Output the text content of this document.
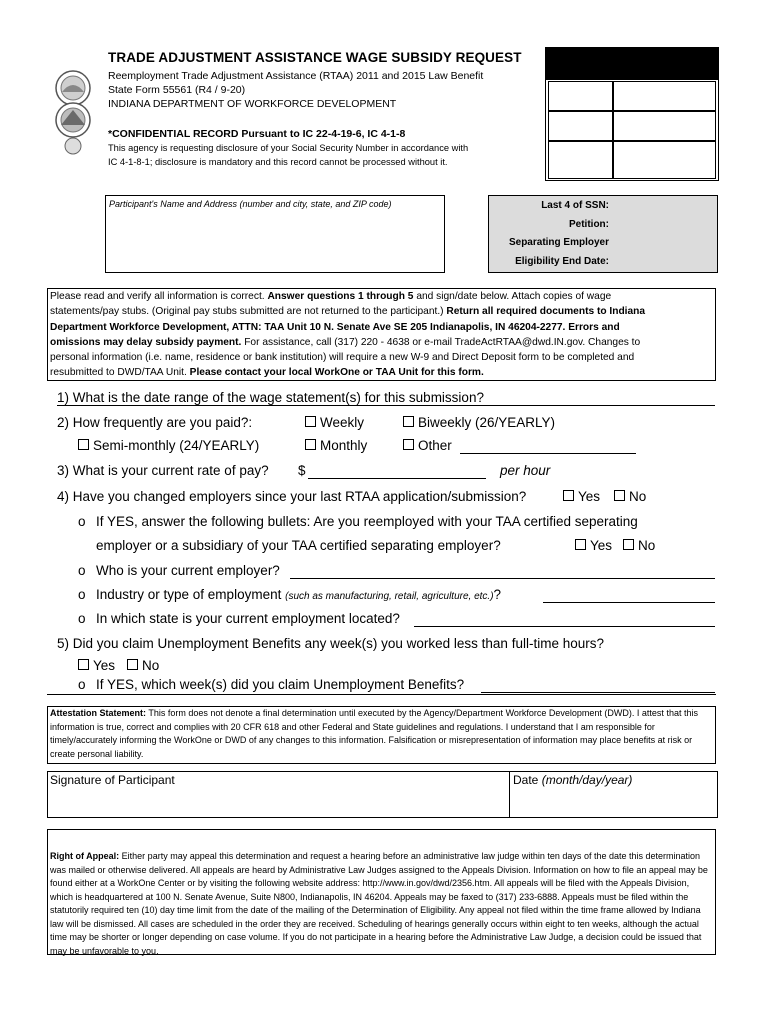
TRADE ADJUSTMENT ASSISTANCE WAGE SUBSIDY REQUEST
Reemployment Trade Adjustment Assistance (RTAA) 2011 and 2015 Law Benefit
State Form 55561 (R4 / 9-20)
INDIANA DEPARTMENT OF WORKFORCE DEVELOPMENT
*CONFIDENTIAL RECORD Pursuant to IC 22-4-19-6, IC 4-1-8
This agency is requesting disclosure of your Social Security Number in accordance with
IC 4-1-8-1; disclosure is mandatory and this record cannot be processed without it.
Participant's Name and Address (number and city, state, and ZIP code)	Last 4 of SSN:
Petition:
Separating Employer
Eligibility End Date:
Please read and verify all information is correct. Answer questions 1 through 5 and sign/date below. Attach copies of wage
statements/pay stubs. (Original pay stubs submitted are not returned to the participant.) Return all required documents to Indiana
Department Workforce Development, ATTN: TAA Unit 10 N. Senate Ave SE 205 Indianapolis, IN 46204-2277. Errors and
omissions may delay subsidy payment. For assistance, call (317) 220 - 4638 or e-mail TradeActRTAA@dwd.IN.gov. Changes to
personal information (i.e. name, residence or bank institution) will require a new W-9 and Direct Deposit form to be completed and
resubmitted to DWD/TAA Unit. Please contact your local WorkOne or TAA Unit for this form.
1) What is the date range of the wage statement(s) for this submission?
2) How frequently are you paid?:	Weekly	Biweekly (26/YEARLY)
Semi-monthly (24/YEARLY)	Monthly	Other
3) What is your current rate of pay? $	per hour
4) Have you changed employers since your last RTAA application/submission?	Yes	No
o If YES, answer the following bullets: Are you reemployed with your TAA certified seperating
employer or a subsidiary of your TAA certified separating employer?	Yes	No
o Who is your current employer?
o Industry or type of employment (such as manufacturing, retail, agriculture, etc.)?
o In which state is your current employment located?
5) Did you claim Unemployment Benefits any week(s) you worked less than full-time hours?
Yes	No
o If YES, which week(s) did you claim Unemployment Benefits?
Attestation Statement: This form does not denote a final determination until executed by the Agency/Department Workforce Development (DWD). I attest that this information is true, correct and complies with 20 CFR 618 and other Federal and State guidelines and regulations. I understand that I am responsible for timely/accurately informing the WorkOne or DWD of any changes to this information. Falsification or misrepresentation of information may place benefits at risk or create personal liability.
Signature of Participant	Date (month/day/year)
Right of Appeal: Either party may appeal this determination and request a hearing before an administrative law judge within ten days of the date this determination was mailed or otherwise delivered. All appeals are heard by Administrative Law Judges assigned to the Appeals Division. Information on how to file an appeal may be found either at a WorkOne Center or by visiting the following website address: http://www.in.gov/dwd/2356.htm. All appeals will be filed with the Appeals Division, which is headquartered at 100 N. Senate Avenue, Suite N800, Indianapolis, IN 46204. Appeals may be faxed to (317) 233-6888. Appeals must be filed within the statutorily required ten (10) day time limit from the date of the mailing of the Determination of Eligibility. Any appeal not filed within the time frame allowed by Indiana law will be dismissed. All cases are scheduled in the order they are received. Scheduling of hearings generally occurs within eight to ten weeks, although the actual time may be shorter or longer depending on case volume. If you do not participate in a hearing before the Administrative Law Judge, a decision could be issued that may be unfavorable to you.
